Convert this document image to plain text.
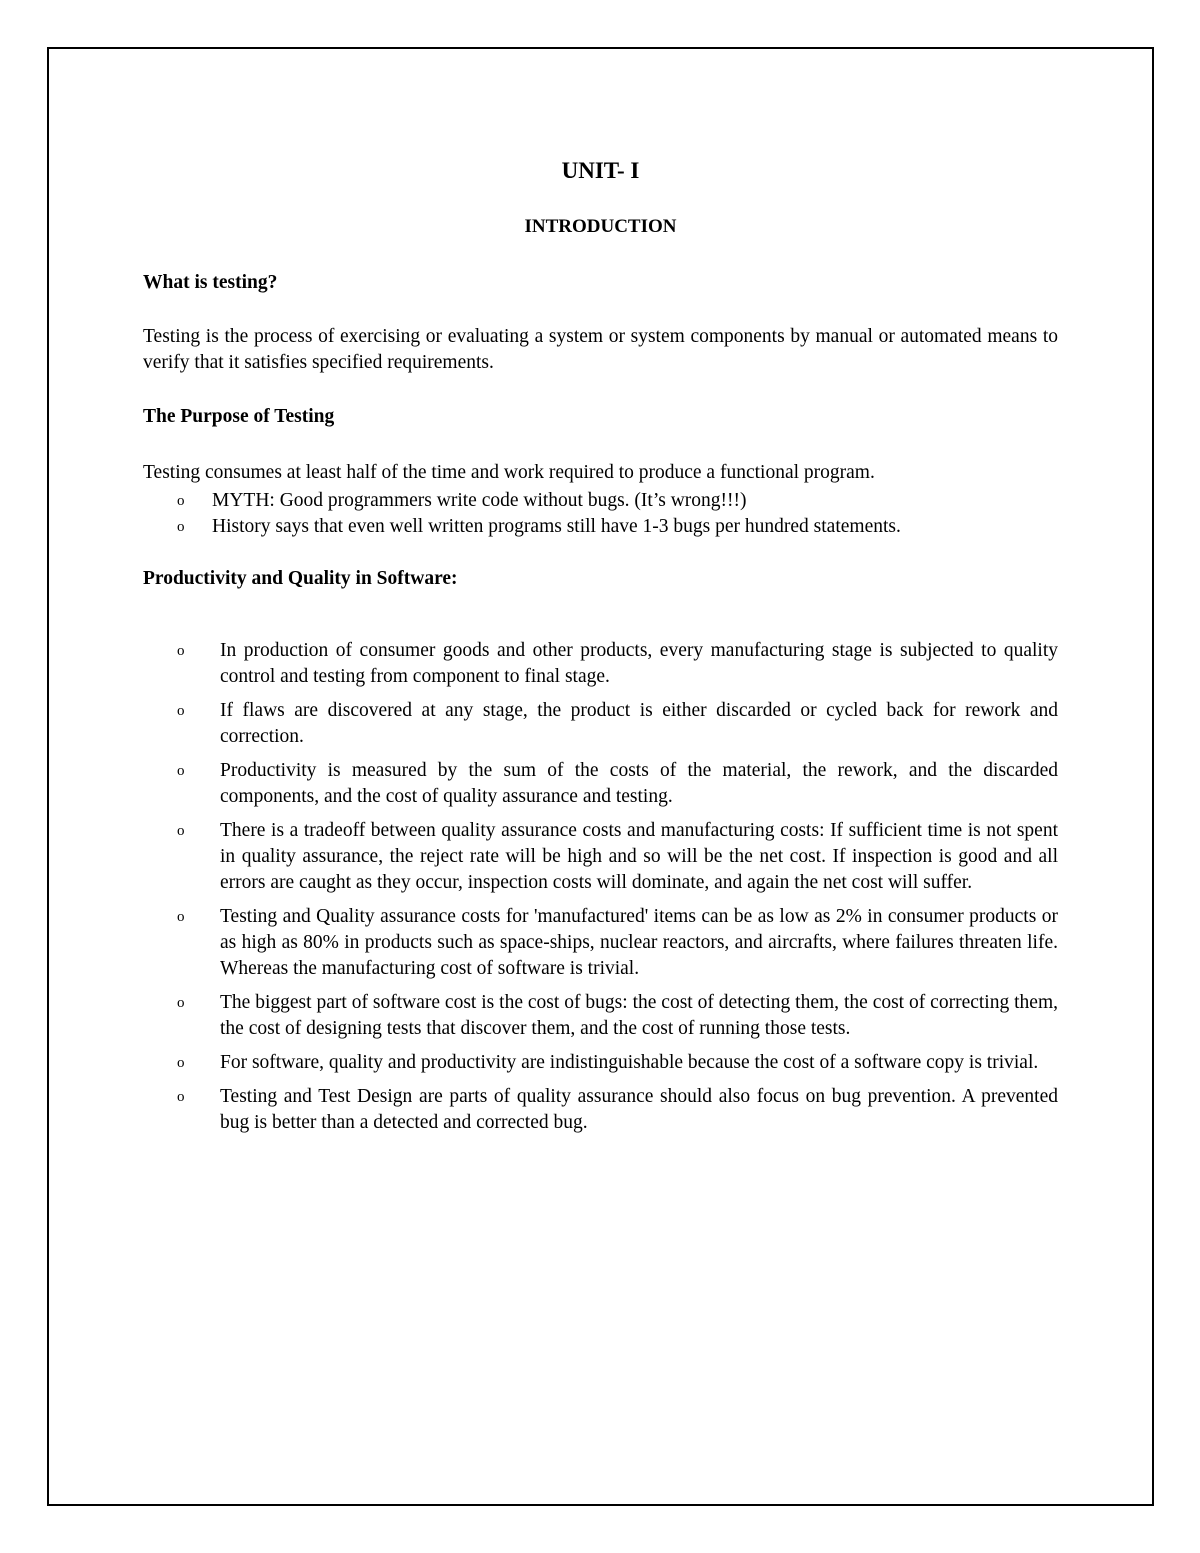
UNIT- I
INTRODUCTION
What is testing?

Testing is the process of exercising or evaluating a system or system components by manual or automated means to verify that it satisfies specified requirements.

The Purpose of Testing

Testing consumes at least half of the time and work required to produce a functional program.

o MYTH: Good programmers write code without bugs. (It’s wrong!!!)
o History says that even well written programs still have 1-3 bugs per hundred statements.
Productivity and Quality in Software:
o In production of consumer goods and other products, every manufacturing stage is subjected to quality control and testing from component to final stage.
o If flaws are discovered at any stage, the product is either discarded or cycled back for rework and correction.
o Productivity is measured by the sum of the costs of the material, the rework, and the discarded components, and the cost of quality assurance and testing.
o There is a tradeoff between quality assurance costs and manufacturing costs: If sufficient time is not spent in quality assurance, the reject rate will be high and so will be the net cost. If inspection is good and all errors are caught as they occur, inspection costs will dominate, and again the net cost will suffer.
o Testing and Quality assurance costs for 'manufactured' items can be as low as 2% in consumer products or as high as 80% in products such as space-ships, nuclear reactors, and aircrafts, where failures threaten life. Whereas the manufacturing cost of software is trivial.
o The biggest part of software cost is the cost of bugs: the cost of detecting them, the cost of correcting them, the cost of designing tests that discover them, and the cost of running those tests.
o For software, quality and productivity are indistinguishable because the cost of a software copy is trivial.
o Testing and Test Design are parts of quality assurance should also focus on bug prevention. A prevented bug is better than a detected and corrected bug.
